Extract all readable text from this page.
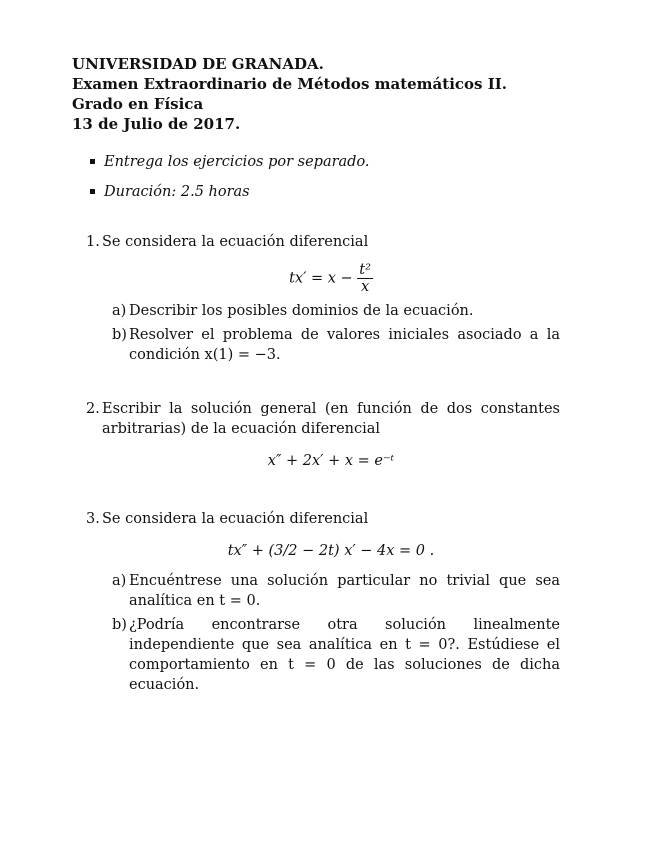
UNIVERSIDAD DE GRANADA.
Examen Extraordinario de Métodos matemáticos II.
Grado en Física
13 de Julio de 2017.
Entrega los ejercicios por separado.
Duración: 2.5 horas
1. Se considera la ecuación diferencial
$tx' = x - \frac{\text{t²}}{x}$
a) Describir los posibles dominios de la ecuación.
b) Resolver el problema de valores iniciales asociado a la condición x(1) = −3.
2. Escribir la solución general (en función de dos constantes arbitrarias) de la ecuación diferencial
x″ + 2x′ + x = e⁻ᵗ
3. Se considera la ecuación diferencial
tx″ + (3/2 − 2t) x′ − 4x = 0 .
a) Encuéntrese una solución particular no trivial que sea analítica en t = 0.
b) ¿Podría encontrarse otra solución linealmente independiente que sea analítica en t = 0?. Estúdiese el comportamiento en t = 0 de las soluciones de dicha ecuación.
